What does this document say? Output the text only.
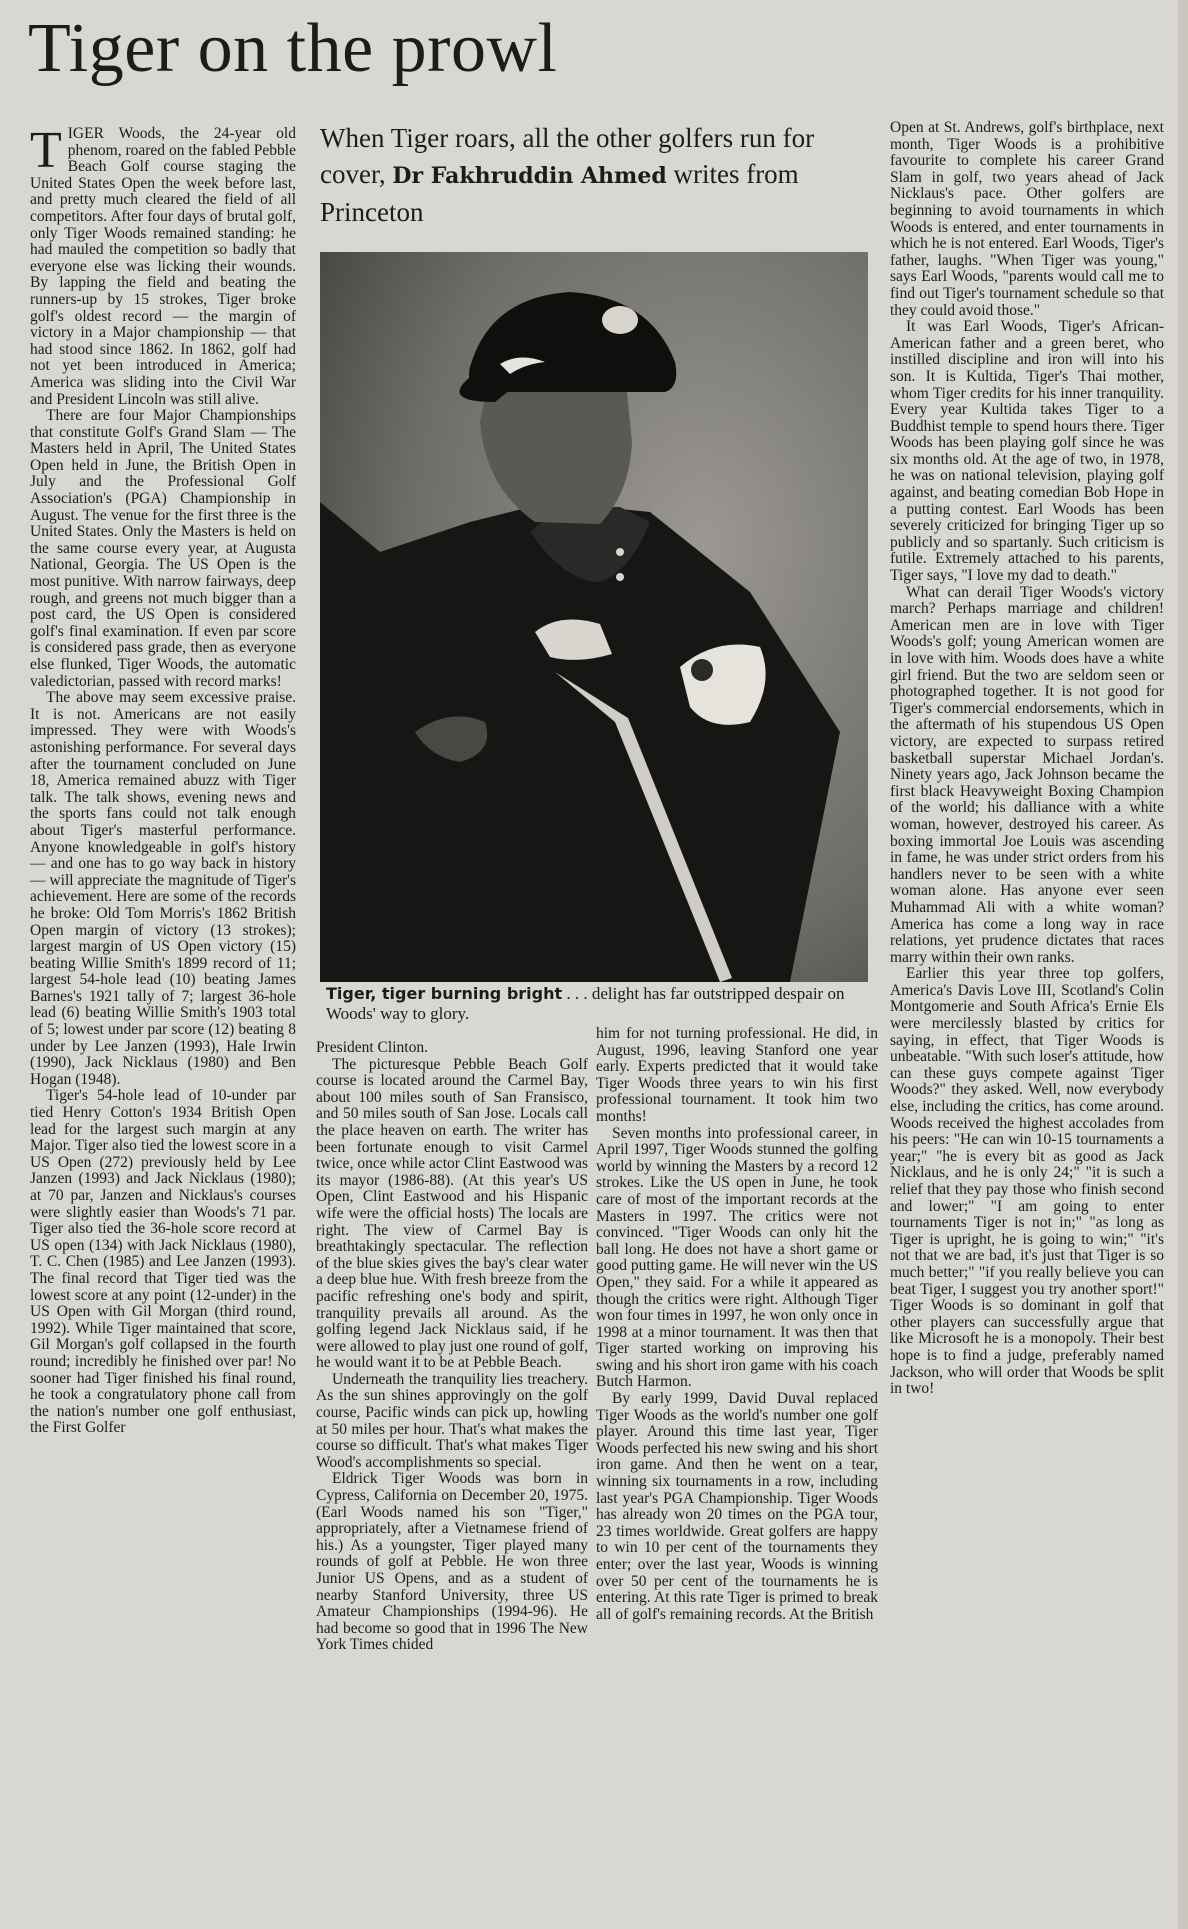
Tiger on the prowl
When Tiger roars, all the other golfers run for cover, Dr Fakhruddin Ahmed writes from Princeton

TIGER Woods, the 24-year old phenom, roared on the fabled Pebble Beach Golf course staging the United States Open the week before last, and pretty much cleared the field of all competitors. After four days of brutal golf, only Tiger Woods remained standing: he had mauled the competition so badly that everyone else was licking their wounds. By lapping the field and beating the runners-up by 15 strokes, Tiger broke golf's oldest record — the margin of victory in a Major championship — that had stood since 1862. In 1862, golf had not yet been introduced in America; America was sliding into the Civil War and President Lincoln was still alive.

There are four Major Championships that constitute Golf's Grand Slam — The Masters held in April, The United States Open held in June, the British Open in July and the Professional Golf Association's (PGA) Championship in August. The venue for the first three is the United States. Only the Masters is held on the same course every year, at Augusta National, Georgia. The US Open is the most punitive. With narrow fairways, deep rough, and greens not much bigger than a post card, the US Open is considered golf's final examination. If even par score is considered pass grade, then as everyone else flunked, Tiger Woods, the automatic valedictorian, passed with record marks!

The above may seem excessive praise. It is not. Americans are not easily impressed. They were with Woods's astonishing performance. For several days after the tournament concluded on June 18, America remained abuzz with Tiger talk. The talk shows, evening news and the sports fans could not talk enough about Tiger's masterful performance. Anyone knowledgeable in golf's history — and one has to go way back in history — will appreciate the magnitude of Tiger's achievement. Here are some of the records he broke: Old Tom Morris's 1862 British Open margin of victory (13 strokes); largest margin of US Open victory (15) beating Willie Smith's 1899 record of 11; largest 54-hole lead (10) beating James Barnes's 1921 tally of 7; largest 36-hole lead (6) beating Willie Smith's 1903 total of 5; lowest under par score (12) beating 8 under by Lee Janzen (1993), Hale Irwin (1990), Jack Nicklaus (1980) and Ben Hogan (1948).

Tiger's 54-hole lead of 10-under par tied Henry Cotton's 1934 British Open lead for the largest such margin at any Major. Tiger also tied the lowest score in a US Open (272) previously held by Lee Janzen (1993) and Jack Nicklaus (1980); at 70 par, Janzen and Nicklaus's courses were slightly easier than Woods's 71 par. Tiger also tied the 36-hole score record at US open (134) with Jack Nicklaus (1980), T. C. Chen (1985) and Lee Janzen (1993). The final record that Tiger tied was the lowest score at any point (12-under) in the US Open with Gil Morgan (third round, 1992). While Tiger maintained that score, Gil Morgan's golf collapsed in the fourth round; incredibly he finished over par! No sooner had Tiger finished his final round, he took a congratulatory phone call from the nation's number one golf enthusiast, the First Golfer

Tiger, tiger burning bright . . . delight has far outstripped despair on Woods' way to glory.

President Clinton.

The picturesque Pebble Beach Golf course is located around the Carmel Bay, about 100 miles south of San Fransisco, and 50 miles south of San Jose. Locals call the place heaven on earth. The writer has been fortunate enough to visit Carmel twice, once while actor Clint Eastwood was its mayor (1986-88). (At this year's US Open, Clint Eastwood and his Hispanic wife were the official hosts) The locals are right. The view of Carmel Bay is breathtakingly spectacular. The reflection of the blue skies gives the bay's clear water a deep blue hue. With fresh breeze from the pacific refreshing one's body and spirit, tranquility prevails all around. As the golfing legend Jack Nicklaus said, if he were allowed to play just one round of golf, he would want it to be at Pebble Beach.

Underneath the tranquility lies treachery. As the sun shines approvingly on the golf course, Pacific winds can pick up, howling at 50 miles per hour. That's what makes the course so difficult. That's what makes Tiger Wood's accomplishments so special.

Eldrick Tiger Woods was born in Cypress, California on December 20, 1975. (Earl Woods named his son "Tiger," appropriately, after a Vietnamese friend of his.) As a youngster, Tiger played many rounds of golf at Pebble. He won three Junior US Opens, and as a student of nearby Stanford University, three US Amateur Championships (1994-96). He had become so good that in 1996 The New York Times chided

him for not turning professional. He did, in August, 1996, leaving Stanford one year early. Experts predicted that it would take Tiger Woods three years to win his first professional tournament. It took him two months!

Seven months into professional career, in April 1997, Tiger Woods stunned the golfing world by winning the Masters by a record 12 strokes. Like the US open in June, he took care of most of the important records at the Masters in 1997. The critics were not convinced. "Tiger Woods can only hit the ball long. He does not have a short game or good putting game. He will never win the US Open," they said. For a while it appeared as though the critics were right. Although Tiger won four times in 1997, he won only once in 1998 at a minor tournament. It was then that Tiger started working on improving his swing and his short iron game with his coach Butch Harmon.

By early 1999, David Duval replaced Tiger Woods as the world's number one golf player. Around this time last year, Tiger Woods perfected his new swing and his short iron game. And then he went on a tear, winning six tournaments in a row, including last year's PGA Championship. Tiger Woods has already won 20 times on the PGA tour, 23 times worldwide. Great golfers are happy to win 10 per cent of the tournaments they enter; over the last year, Woods is winning over 50 per cent of the tournaments he is entering. At this rate Tiger is primed to break all of golf's remaining records. At the British

Open at St. Andrews, golf's birthplace, next month, Tiger Woods is a prohibitive favourite to complete his career Grand Slam in golf, two years ahead of Jack Nicklaus's pace. Other golfers are beginning to avoid tournaments in which Woods is entered, and enter tournaments in which he is not entered. Earl Woods, Tiger's father, laughs. "When Tiger was young," says Earl Woods, "parents would call me to find out Tiger's tournament schedule so that they could avoid those."

It was Earl Woods, Tiger's African-American father and a green beret, who instilled discipline and iron will into his son. It is Kultida, Tiger's Thai mother, whom Tiger credits for his inner tranquility. Every year Kultida takes Tiger to a Buddhist temple to spend hours there. Tiger Woods has been playing golf since he was six months old. At the age of two, in 1978, he was on national television, playing golf against, and beating comedian Bob Hope in a putting contest. Earl Woods has been severely criticized for bringing Tiger up so publicly and so spartanly. Such criticism is futile. Extremely attached to his parents, Tiger says, "I love my dad to death."

What can derail Tiger Woods's victory march? Perhaps marriage and children! American men are in love with Tiger Woods's golf; young American women are in love with him. Woods does have a white girl friend. But the two are seldom seen or photographed together. It is not good for Tiger's commercial endorsements, which in the aftermath of his stupendous US Open victory, are expected to surpass retired basketball superstar Michael Jordan's. Ninety years ago, Jack Johnson became the first black Heavyweight Boxing Champion of the world; his dalliance with a white woman, however, destroyed his career. As boxing immortal Joe Louis was ascending in fame, he was under strict orders from his handlers never to be seen with a white woman alone. Has anyone ever seen Muhammad Ali with a white woman? America has come a long way in race relations, yet prudence dictates that races marry within their own ranks.

Earlier this year three top golfers, America's Davis Love III, Scotland's Colin Montgomerie and South Africa's Ernie Els were mercilessly blasted by critics for saying, in effect, that Tiger Woods is unbeatable. "With such loser's attitude, how can these guys compete against Tiger Woods?" they asked. Well, now everybody else, including the critics, has come around. Woods received the highest accolades from his peers: "He can win 10-15 tournaments a year;" "he is every bit as good as Jack Nicklaus, and he is only 24;" "it is such a relief that they pay those who finish second and lower;" "I am going to enter tournaments Tiger is not in;" "as long as Tiger is upright, he is going to win;" "it's not that we are bad, it's just that Tiger is so much better;" "if you really believe you can beat Tiger, I suggest you try another sport!" Tiger Woods is so dominant in golf that other players can successfully argue that like Microsoft he is a monopoly. Their best hope is to find a judge, preferably named Jackson, who will order that Woods be split in two!
